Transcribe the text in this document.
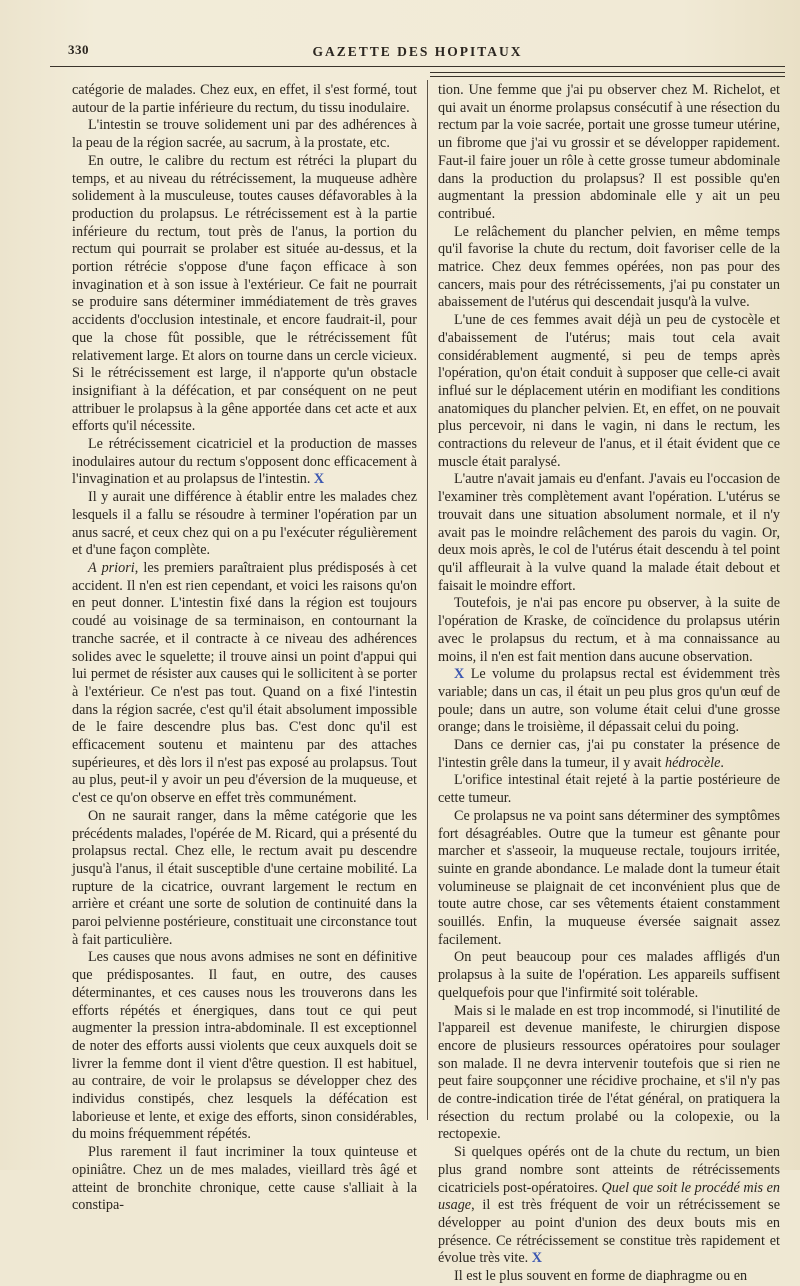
330	GAZETTE DES HOPITAUX

catégorie de malades. Chez eux, en effet, il s'est formé, tout autour de la partie inférieure du rectum, du tissu inodulaire.

L'intestin se trouve solidement uni par des adhérences à la peau de la région sacrée, au sacrum, à la prostate, etc.

En outre, le calibre du rectum est rétréci la plupart du temps, et au niveau du rétrécissement, la muqueuse adhère solidement à la musculeuse, toutes causes défavorables à la production du prolapsus. Le rétrécissement est à la partie inférieure du rectum, tout près de l'anus, la portion du rectum qui pourrait se prolaber est située au-dessus, et la portion rétrécie s'oppose d'une façon efficace à son invagination et à son issue à l'extérieur. Ce fait ne pourrait se produire sans déterminer immédiatement de très graves accidents d'occlusion intestinale, et encore faudrait-il, pour que la chose fût possible, que le rétrécissement fût relativement large. Et alors on tourne dans un cercle vicieux. Si le rétrécissement est large, il n'apporte qu'un obstacle insignifiant à la défécation, et par conséquent on ne peut attribuer le prolapsus à la gêne apportée dans cet acte et aux efforts qu'il nécessite.

Le rétrécissement cicatriciel et la production de masses inodulaires autour du rectum s'opposent donc efficacement à l'invagination et au prolapsus de l'intestin. X

Il y aurait une différence à établir entre les malades chez lesquels il a fallu se résoudre à terminer l'opération par un anus sacré, et ceux chez qui on a pu l'exécuter régulièrement et d'une façon complète.

A priori, les premiers paraîtraient plus prédisposés à cet accident. Il n'en est rien cependant, et voici les raisons qu'on en peut donner. L'intestin fixé dans la région est toujours coudé au voisinage de sa terminaison, en contournant la tranche sacrée, et il contracte à ce niveau des adhérences solides avec le squelette; il trouve ainsi un point d'appui qui lui permet de résister aux causes qui le sollicitent à se porter à l'extérieur. Ce n'est pas tout. Quand on a fixé l'intestin dans la région sacrée, c'est qu'il était absolument impossible de le faire descendre plus bas. C'est donc qu'il est efficacement soutenu et maintenu par des attaches supérieures, et dès lors il n'est pas exposé au prolapsus. Tout au plus, peut-il y avoir un peu d'éversion de la muqueuse, et c'est ce qu'on observe en effet très communément.

On ne saurait ranger, dans la même catégorie que les précédents malades, l'opérée de M. Ricard, qui a présenté du prolapsus rectal. Chez elle, le rectum avait pu descendre jusqu'à l'anus, il était susceptible d'une certaine mobilité. La rupture de la cicatrice, ouvrant largement le rectum en arrière et créant une sorte de solution de continuité dans la paroi pelvienne postérieure, constituait une circonstance tout à fait particulière.

Les causes que nous avons admises ne sont en définitive que prédisposantes. Il faut, en outre, des causes déterminantes, et ces causes nous les trouverons dans les efforts répétés et énergiques, dans tout ce qui peut augmenter la pression intra-abdominale. Il est exceptionnel de noter des efforts aussi violents que ceux auxquels doit se livrer la femme dont il vient d'être question. Il est habituel, au contraire, de voir le prolapsus se développer chez des individus constipés, chez lesquels la défécation est laborieuse et lente, et exige des efforts, sinon considérables, du moins fréquemment répétés.

Plus rarement il faut incriminer la toux quinteuse et opiniâtre. Chez un de mes malades, vieillard très âgé et atteint de bronchite chronique, cette cause s'alliait à la constipa-

tion. Une femme que j'ai pu observer chez M. Richelot, et qui avait un énorme prolapsus consécutif à une résection du rectum par la voie sacrée, portait une grosse tumeur utérine, un fibrome que j'ai vu grossir et se développer rapidement. Faut-il faire jouer un rôle à cette grosse tumeur abdominale dans la production du prolapsus? Il est possible qu'en augmentant la pression abdominale elle y ait un peu contribué.

Le relâchement du plancher pelvien, en même temps qu'il favorise la chute du rectum, doit favoriser celle de la matrice. Chez deux femmes opérées, non pas pour des cancers, mais pour des rétrécissements, j'ai pu constater un abaissement de l'utérus qui descendait jusqu'à la vulve.

L'une de ces femmes avait déjà un peu de cystocèle et d'abaissement de l'utérus; mais tout cela avait considérablement augmenté, si peu de temps après l'opération, qu'on était conduit à supposer que celle-ci avait influé sur le déplacement utérin en modifiant les conditions anatomiques du plancher pelvien. Et, en effet, on ne pouvait plus percevoir, ni dans le vagin, ni dans le rectum, les contractions du releveur de l'anus, et il était évident que ce muscle était paralysé.

L'autre n'avait jamais eu d'enfant. J'avais eu l'occasion de l'examiner très complètement avant l'opération. L'utérus se trouvait dans une situation absolument normale, et il n'y avait pas le moindre relâchement des parois du vagin. Or, deux mois après, le col de l'utérus était descendu à tel point qu'il affleurait à la vulve quand la malade était debout et faisait le moindre effort.

Toutefois, je n'ai pas encore pu observer, à la suite de l'opération de Kraske, de coïncidence du prolapsus utérin avec le prolapsus du rectum, et à ma connaissance au moins, il n'en est fait mention dans aucune observation.

X Le volume du prolapsus rectal est évidemment très variable; dans un cas, il était un peu plus gros qu'un œuf de poule; dans un autre, son volume était celui d'une grosse orange; dans le troisième, il dépassait celui du poing.

Dans ce dernier cas, j'ai pu constater la présence de l'intestin grêle dans la tumeur, il y avait hédrocèle.

L'orifice intestinal était rejeté à la partie postérieure de cette tumeur.

Ce prolapsus ne va point sans déterminer des symptômes fort désagréables. Outre que la tumeur est gênante pour marcher et s'asseoir, la muqueuse rectale, toujours irritée, suinte en grande abondance. Le malade dont la tumeur était volumineuse se plaignait de cet inconvénient plus que de toute autre chose, car ses vêtements étaient constamment souillés. Enfin, la muqueuse éversée saignait assez facilement.

On peut beaucoup pour ces malades affligés d'un prolapsus à la suite de l'opération. Les appareils suffisent quelquefois pour que l'infirmité soit tolérable.

Mais si le malade en est trop incommodé, si l'inutilité de l'appareil est devenue manifeste, le chirurgien dispose encore de plusieurs ressources opératoires pour soulager son malade. Il ne devra intervenir toutefois que si rien ne peut faire soupçonner une récidive prochaine, et s'il n'y pas de contre-indication tirée de l'état général, on pratiquera la résection du rectum prolabé ou la colopexie, ou la rectopexie.

Si quelques opérés ont de la chute du rectum, un bien plus grand nombre sont atteints de rétrécissements cicatriciels post-opératoires. Quel que soit le procédé mis en usage, il est très fréquent de voir un rétrécissement se développer au point d'union des deux bouts mis en présence. Ce rétrécissement se constitue très rapidement et évolue très vite. X

Il est le plus souvent en forme de diaphragme ou en
